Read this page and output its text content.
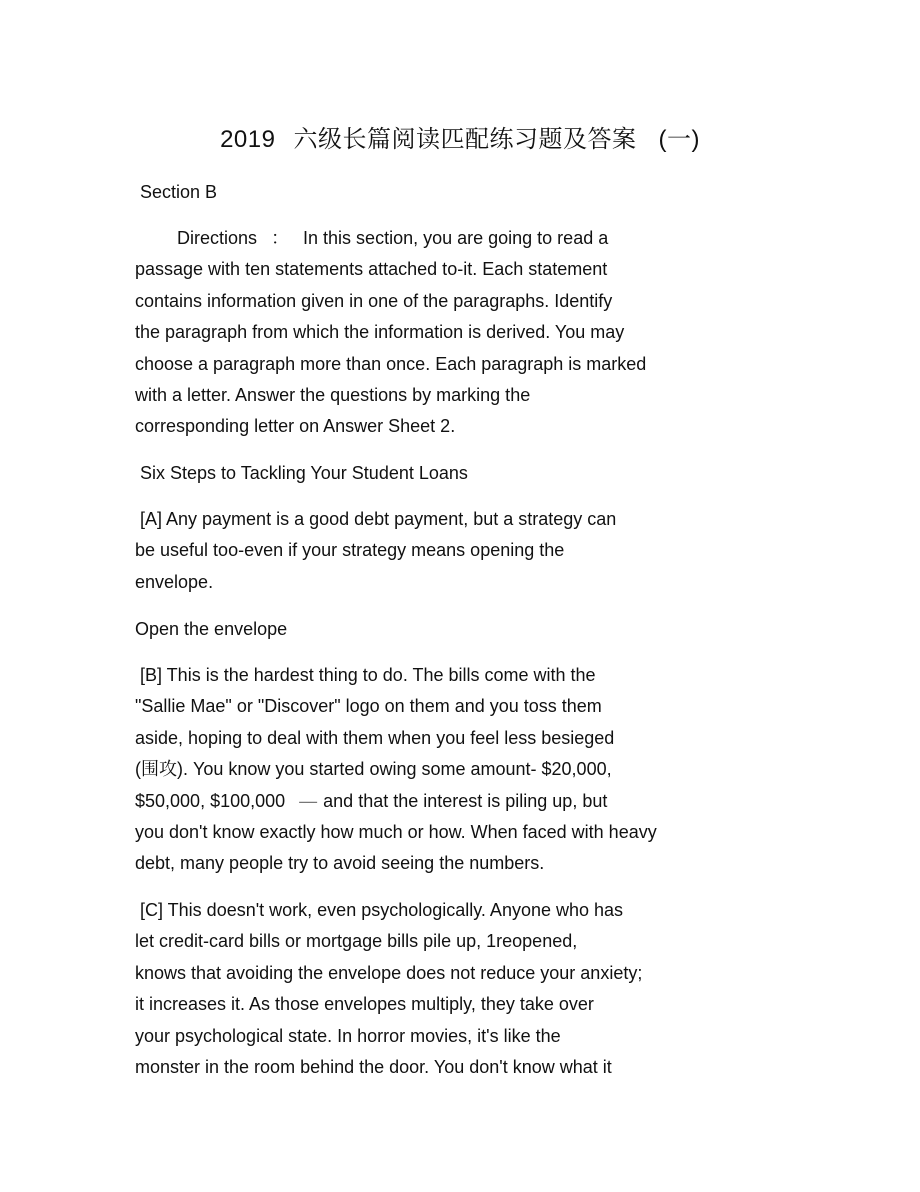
2019 六级长篇阅读匹配练习题及答案 (一)
Section B
Directions ： In this section, you are going to read a
passage with ten statements attached to-it. Each statement
contains information given in one of the paragraphs. Identify
the paragraph from which the information is derived. You may
choose a paragraph more than once. Each paragraph is marked
with a letter. Answer the questions by marking the
corresponding letter on Answer Sheet 2.
Six Steps to Tackling Your Student Loans
[A] Any payment is a good debt payment, but a strategy can
be useful too-even if your strategy means opening the
envelope.
Open the envelope
[B] This is the hardest thing to do. The bills come with the
"Sallie Mae" or "Discover" logo on them and you toss them
aside, hoping to deal with them when you feel less besieged
(围攻). You know you started owing some amount- $20,000,
$50,000, $100,000 — and that the interest is piling up, but
you don't know exactly how much or how. When faced with heavy
debt, many people try to avoid seeing the numbers.
[C] This doesn't work, even psychologically. Anyone who has
let credit-card bills or mortgage bills pile up, 1reopened,
knows that avoiding the envelope does not reduce your anxiety;
it increases it. As those envelopes multiply, they take over
your psychological state. In horror movies, it's like the
monster in the room behind the door. You don't know what it
